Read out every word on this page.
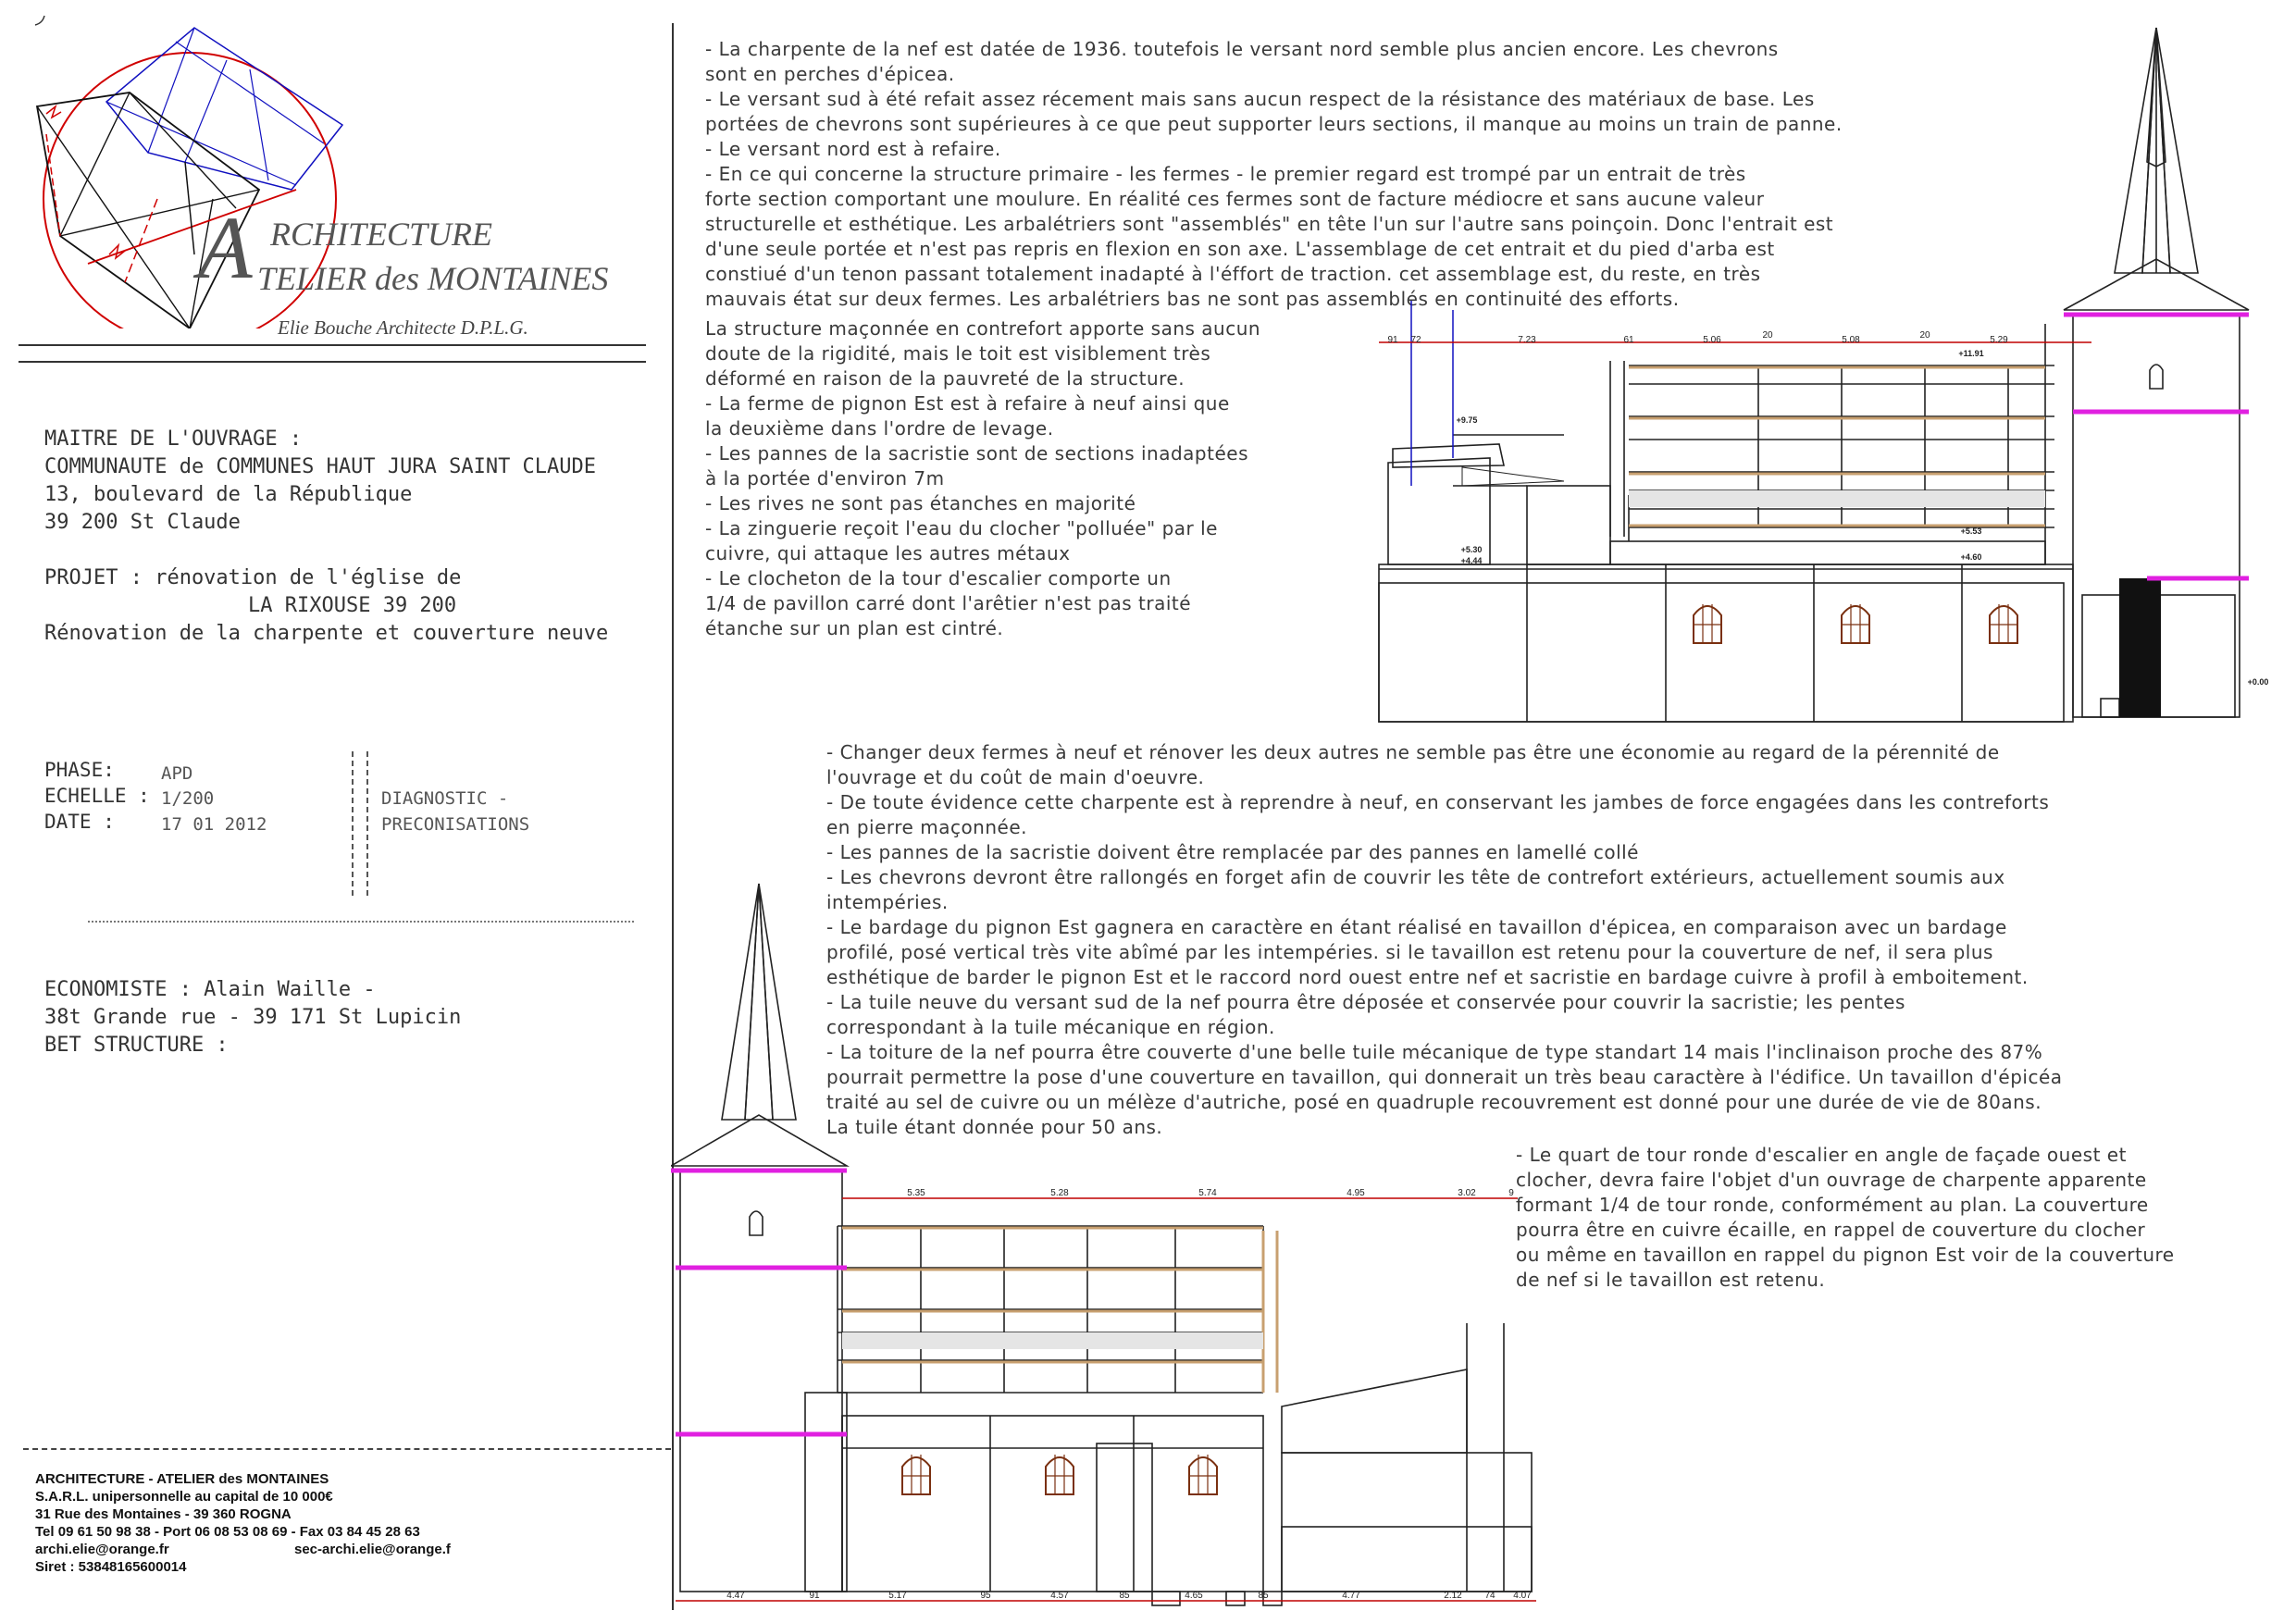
A RCHITECTURE
TELIER des MONTAINES
Elie Bouche Architecte D.P.L.G.
MAITRE DE L'OUVRAGE :
COMMUNAUTE de COMMUNES HAUT JURA SAINT CLAUDE
13, boulevard de la République
39 200 St Claude
PROJET : rénovation de l'église de
LA RIXOUSE 39 200
Rénovation de la charpente et couverture neuve
PHASE:	APD
ECHELLE : 1/200
DATE :	17 01 2012
DIAGNOSTIC -
PRECONISATIONS
ECONOMISTE : Alain Waille -
38t Grande rue - 39 171 St Lupicin
BET STRUCTURE :
ARCHITECTURE - ATELIER des MONTAINES
S.A.R.L. unipersonnelle au capital de 10 000€
31 Rue des Montaines - 39 360 ROGNA
Tel 09 61 50 98 38 - Port 06 08 53 08 69 - Fax 03 84 45 28 63
archi.elie@orange.fr	sec-archi.elie@orange.f
Siret : 53848165600014
- La charpente de la nef est datée de 1936. toutefois le versant nord semble plus ancien encore. Les chevrons
sont en perches d'épicea.
- Le versant sud à été refait assez récement mais sans aucun respect de la résistance des matériaux de base. Les
portées de chevrons sont supérieures à ce que peut supporter leurs sections, il manque au moins un train de panne.
- Le versant nord est à refaire.
- En ce qui concerne la structure primaire - les fermes - le premier regard est trompé par un entrait de très
forte section comportant une moulure. En réalité ces fermes sont de facture médiocre et sans aucune valeur
structurelle et esthétique. Les arbalétriers sont "assemblés" en tête l'un sur l'autre sans poinçoin. Donc l'entrait est
d'une seule portée et n'est pas repris en flexion en son axe. L'assemblage de cet entrait et du pied d'arba est
constiué d'un tenon passant totalement inadapté à l'éffort de traction. cet assemblage est, du reste, en très
mauvais état sur deux fermes. Les arbalétriers bas ne sont pas assemblés en continuité des efforts.
La structure maçonnée en contrefort apporte sans aucun
doute de la rigidité, mais le toit est visiblement très
déformé en raison de la pauvreté de la structure.
- La ferme de pignon Est est à refaire à neuf ainsi que
la deuxième dans l'ordre de levage.
- Les pannes de la sacristie sont de sections inadaptées
à la portée d'environ 7m
- Les rives ne sont pas étanches en majorité
- La zinguerie reçoit l'eau du clocher "polluée" par le
cuivre, qui attaque les autres métaux
- Le clocheton de la tour d'escalier comporte un
1/4 de pavillon carré dont l'arêtier n'est pas traité
étanche sur un plan est cintré.
- Changer deux fermes à neuf et rénover les deux autres ne semble pas être une économie au regard de la pérennité de
l'ouvrage et du coût de main d'oeuvre.
- De toute évidence cette charpente est à reprendre à neuf, en conservant les jambes de force engagées dans les contreforts
en pierre maçonnée.
- Les pannes de la sacristie doivent être remplacée par des pannes en lamellé collé
- Les chevrons devront être rallongés en forget afin de couvrir les tête de contrefort extérieurs, actuellement soumis aux
intempéries.
- Le bardage du pignon Est gagnera en caractère en étant réalisé en tavaillon d'épicea, en comparaison avec un bardage
profilé, posé vertical très vite abîmé par les intempéries. si le tavaillon est retenu pour la couverture de nef, il sera plus
esthétique de barder le pignon Est et le raccord nord ouest entre nef et sacristie en bardage cuivre à profil à emboitement.
- La tuile neuve du versant sud de la nef pourra être déposée et conservée pour couvrir la sacristie; les pentes
correspondant à la tuile mécanique en région.
- La toiture de la nef pourra être couverte d'une belle tuile mécanique de type standart 14 mais l'inclinaison proche des 87%
pourrait permettre la pose d'une couverture en tavaillon, qui donnerait un très beau caractère à l'édifice. Un tavaillon d'épicéa
traité au sel de cuivre ou un mélèze d'autriche, posé en quadruple recouvrement est donné pour une durée de vie de 80ans.
La tuile étant donnée pour 50 ans.
- Le quart de tour ronde d'escalier en angle de façade ouest et
clocher, devra faire l'objet d'un ouvrage de charpente apparente
formant 1/4 de tour ronde, conformément au plan. La couverture
pourra être en cuivre écaille, en rappel de couverture du clocher
ou même en tavaillon en rappel du pignon Est voir de la couverture
de nef si le tavaillon est retenu.
91 72	7.23	61	5.06	20	5.08	20	5.29
+11.91
+9.75
+5.30
+4.44
+5.53
+4.60
+0.00
5.35	5.28	5.74	4.95	3.02	9
4.47	91	5.17	95	4.57	85	4.65	85	4.77	2.12 74 4.07
